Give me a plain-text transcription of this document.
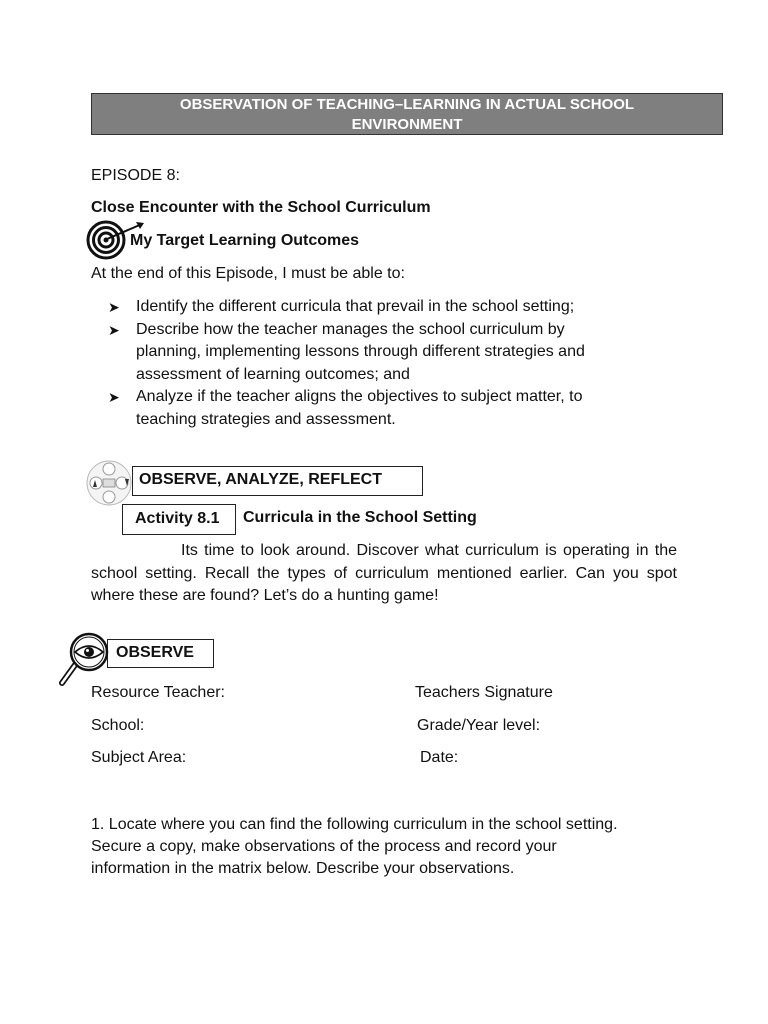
OBSERVATION OF TEACHING–LEARNING IN ACTUAL SCHOOL
ENVIRONMENT
EPISODE 8:
Close Encounter with the School Curriculum
My Target Learning Outcomes
At the end of this Episode, I must be able to:
➤ Identify the different curricula that prevail in the school setting;
➤ Describe how the teacher manages the school curriculum by
planning, implementing lessons through different strategies and
assessment of learning outcomes; and
➤ Analyze if the teacher aligns the objectives to subject matter, to
teaching strategies and assessment.
OBSERVE, ANALYZE, REFLECT
Activity 8.1	Curricula in the School Setting
Its time to look around. Discover what curriculum is operating in the school setting. Recall the types of curriculum mentioned earlier. Can you spot where these are found? Let’s do a hunting game!
OBSERVE
Resource Teacher:	Teachers Signature
School:	Grade/Year level:
Subject Area:	Date:
1. Locate where you can find the following curriculum in the school setting.
Secure a copy, make observations of the process and record your
information in the matrix below. Describe your observations.
